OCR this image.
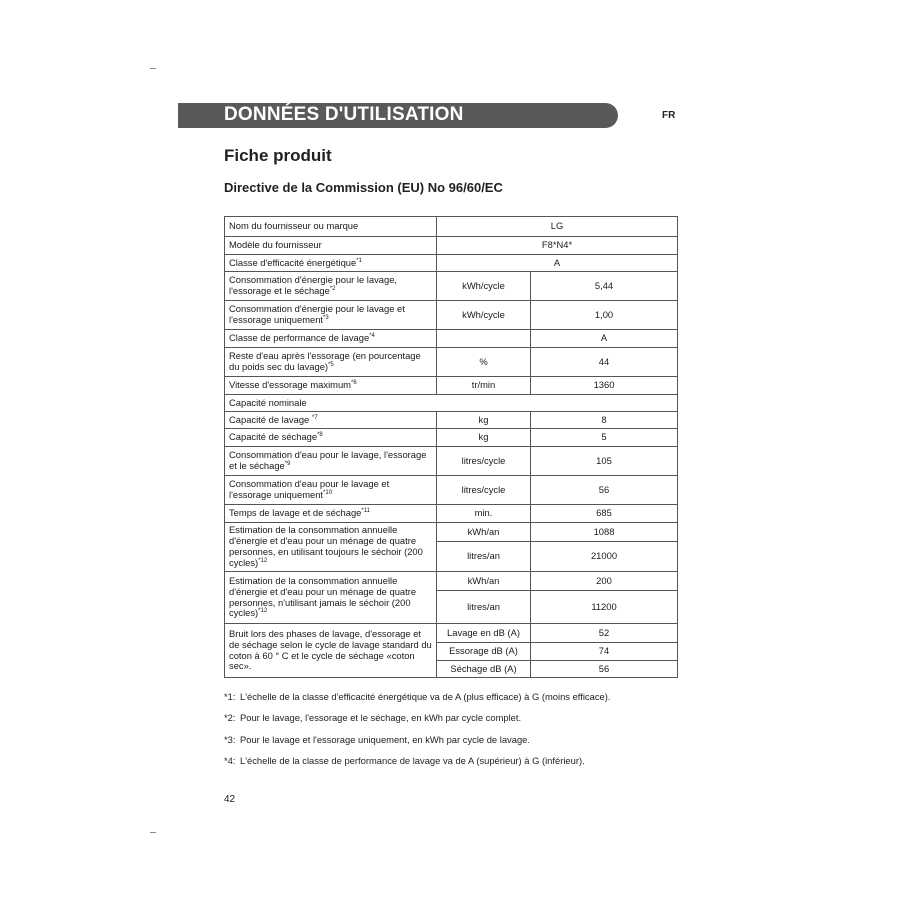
DONNÉES D'UTILISATION	FR
Fiche produit
Directive de la Commission (EU) No 96/60/EC
Nom du fournisseur ou marque	LG	
Modèle du fournisseur	F8*N4*	
Classe d'efficacité énergétique$^{*1}$	A	
Consommation d'énergie pour le lavage, l'essorage et le séchage$^{*2}$	kWh/cycle	5,44
Consommation d'énergie pour le lavage et l'essorage uniquement$^{*3}$	kWh/cycle	1,00
Classe de performance de lavage$^{*4}$		A
Reste d'eau après l'essorage (en pourcentage du poids sec du lavage)$^{*5}$	%	44
Vitesse d'essorage maximum$^{*6}$	tr/min	1360
Capacité nominale		
Capacité de lavage $^{*7}$	kg	8
Capacité de séchage$^{*8}$	kg	5
Consommation d'eau pour le lavage, l'essorage et le séchage$^{*9}$	litres/cycle	105
Consommation d'eau pour le lavage et l'essorage uniquement$^{*10}$	litres/cycle	56
Temps de lavage et de séchage$^{*11}$	min.	685
Estimation de la consommation annuelle d'énergie et d'eau pour un ménage de quatre personnes, en utilisant toujours le séchoir (200 cycles)$^{*12}$	kWh/an	1088
	litres/an	21000
Estimation de la consommation annuelle d'énergie et d'eau pour un ménage de quatre personnes, n'utilisant jamais le séchoir (200 cycles)$^{*12}$	kWh/an	200
	litres/an	11200
Bruit lors des phases de lavage, d'essorage et de séchage selon le cycle de lavage standard du coton à 60 ° C et le cycle de séchage «coton sec».	Lavage en dB (A)	52
	Essorage dB (A)	74
	Séchage dB (A)	56
*1: L'échelle de la classe d'efficacité énergétique va de A (plus efficace) à G (moins efficace).
*2: Pour le lavage, l'essorage et le séchage, en kWh par cycle complet.
*3: Pour le lavage et l'essorage uniquement, en kWh par cycle de lavage.
*4: L'échelle de la classe de performance de lavage va de A (supérieur) à G (inférieur).
42
